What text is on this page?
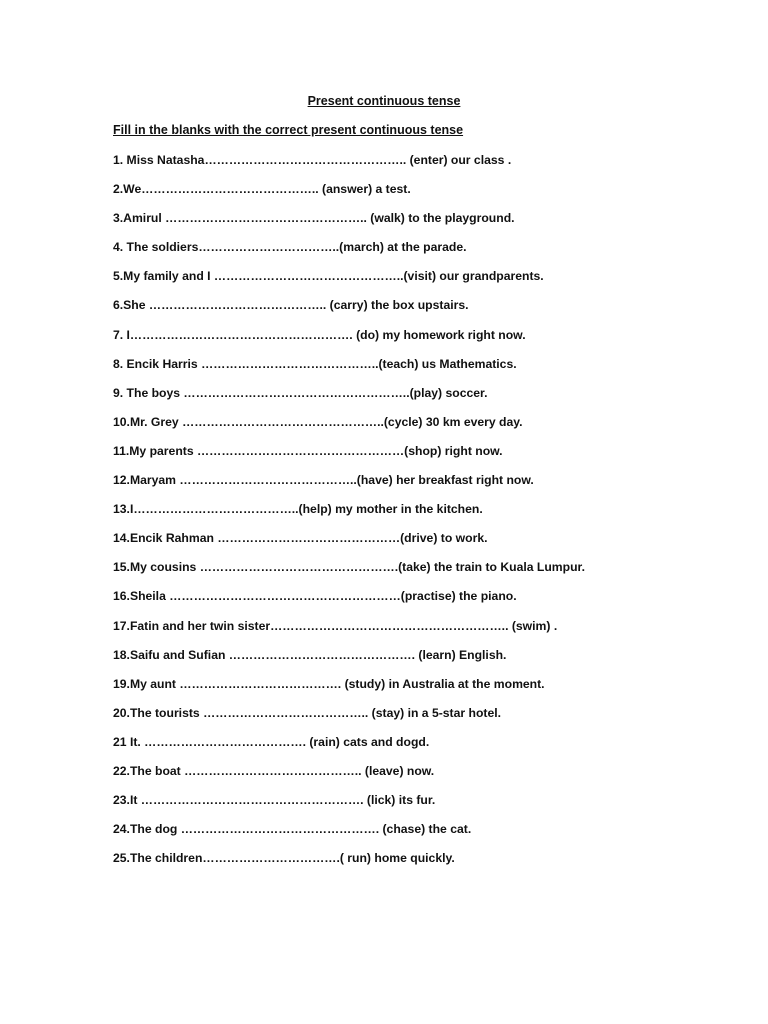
Present continuous tense
Fill in the blanks with the correct present continuous tense
1. Miss Natasha………………………………………….. (enter) our class .
2.We…………………………………….. (answer) a test.
3.Amirul ………………………………………….. (walk) to the playground.
4. The soldiers……………………………..(march) at the parade.
5.My family and I ………………………………………..(visit) our grandparents.
6.She …………………………………….. (carry) the box upstairs.
7. I………………………………………………. (do) my homework right now.
8. Encik Harris ……………………………………..(teach) us Mathematics.
9. The boys ………………………………………………..(play) soccer.
10.Mr. Grey …………………………………………..(cycle) 30 km every day.
11.My parents ……………………………………………(shop) right now.
12.Maryam ……………………………………..(have) her breakfast right now.
13.I…………………………………..(help) my mother in the kitchen.
14.Encik Rahman ………………………………………(drive) to work.
15.My cousins ………………………………………….(take) the train to Kuala Lumpur.
16.Sheila …………………………………………………(practise) the piano.
17.Fatin and her twin sister………………………………………………….. (swim) .
18.Saifu and Sufian ………………………………………. (learn) English.
19.My aunt …………………………………. (study) in Australia at the moment.
20.The tourists ………………………………….. (stay) in a 5-star hotel.
21 It. …………………………………. (rain) cats and dogd.
22.The boat …………………………………….. (leave) now.
23.It ………………………………………………. (lick) its fur.
24.The dog …………………………………………. (chase) the cat.
25.The children…………………………….( run) home quickly.
